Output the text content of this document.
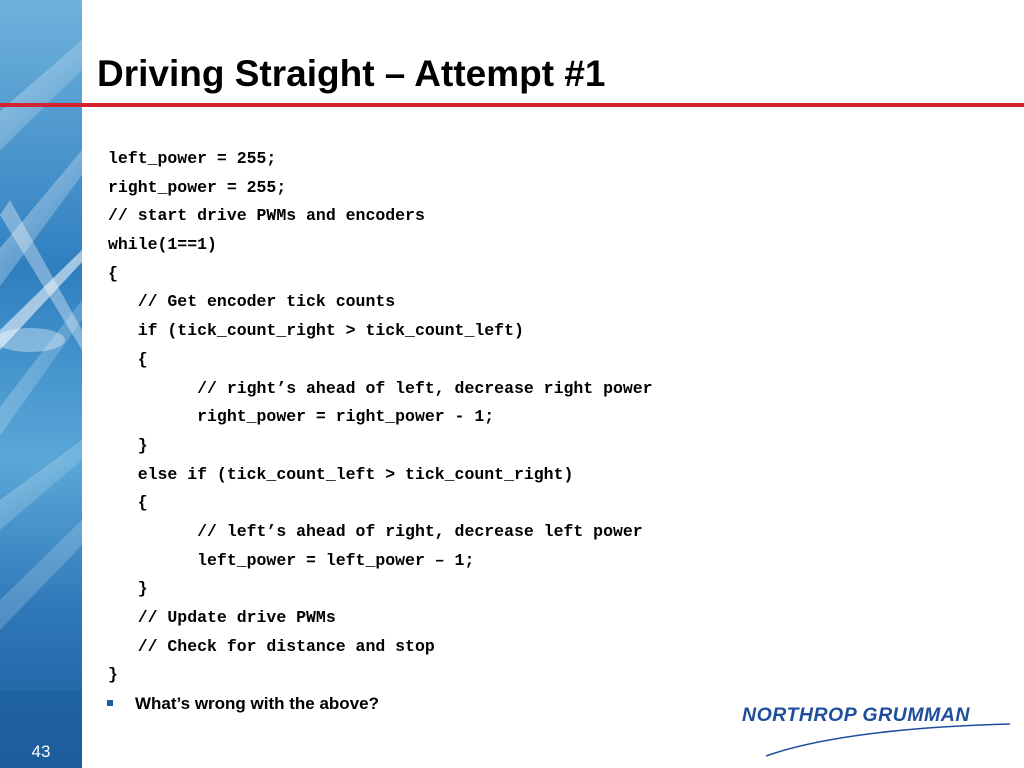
43
Driving Straight – Attempt #1
left_power = 255;
right_power = 255;
// start drive PWMs and encoders
while(1==1)
{
// Get encoder tick counts
if (tick_count_right > tick_count_left)
{
// right’s ahead of left, decrease right power
right_power = right_power - 1;
}
else if (tick_count_left > tick_count_right)
{
// left’s ahead of right, decrease left power
left_power = left_power – 1;
}
// Update drive PWMs
// Check for distance and stop
}
What’s wrong with the above?
NORTHROP GRUMMAN
